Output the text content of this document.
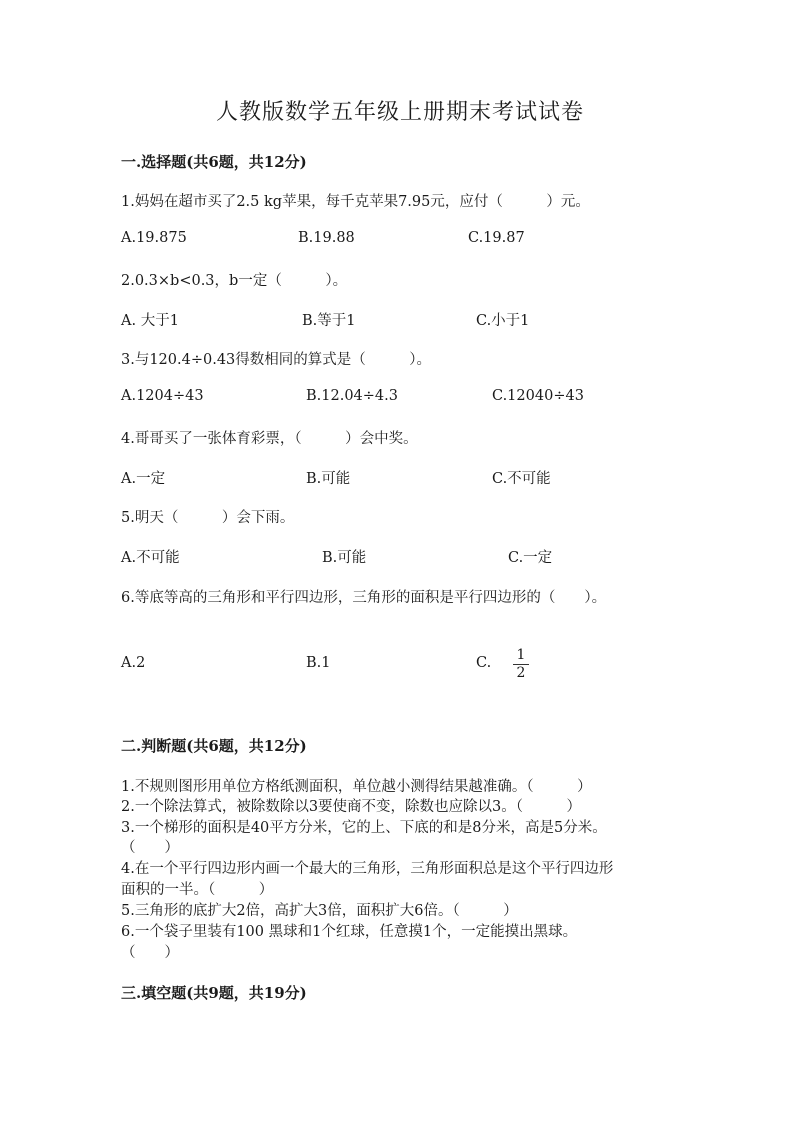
人教版数学五年级上册期末考试试卷
一.选择题(共6题，共12分)
1.妈妈在超市买了2.5 kg苹果，每千克苹果7.95元，应付（　　　）元。
A.19.875	B.19.88	C.19.87
2.0.3×b<0.3，b一定（　　　）。
A. 大于1	B.等于1	C.小于1
3.与120.4÷0.43得数相同的算式是（　　　）。
A.1204÷43	B.12.04÷4.3	C.12040÷43
4.哥哥买了一张体育彩票，（　　　）会中奖。
A.一定	B.可能	C.不可能
5.明天（　　　）会下雨。
A.不可能	B.可能	C.一定
6.等底等高的三角形和平行四边形，三角形的面积是平行四边形的（　　）。
A.2	B.1	C.	1
2
二.判断题(共6题，共12分)
1.不规则图形用单位方格纸测面积，单位越小测得结果越准确。（　　　）
2.一个除法算式，被除数除以3要使商不变，除数也应除以3。（　　　）
3.一个梯形的面积是40平方分米，它的上、下底的和是8分米，高是5分米。
（　　）
4.在一个平行四边形内画一个最大的三角形，三角形面积总是这个平行四边形
面积的一半。（　　　）
5.三角形的底扩大2倍，高扩大3倍，面积扩大6倍。（　　　）
6.一个袋子里装有100 黑球和1个红球，任意摸1个，一定能摸出黑球。
（　　）
三.填空题(共9题，共19分)
